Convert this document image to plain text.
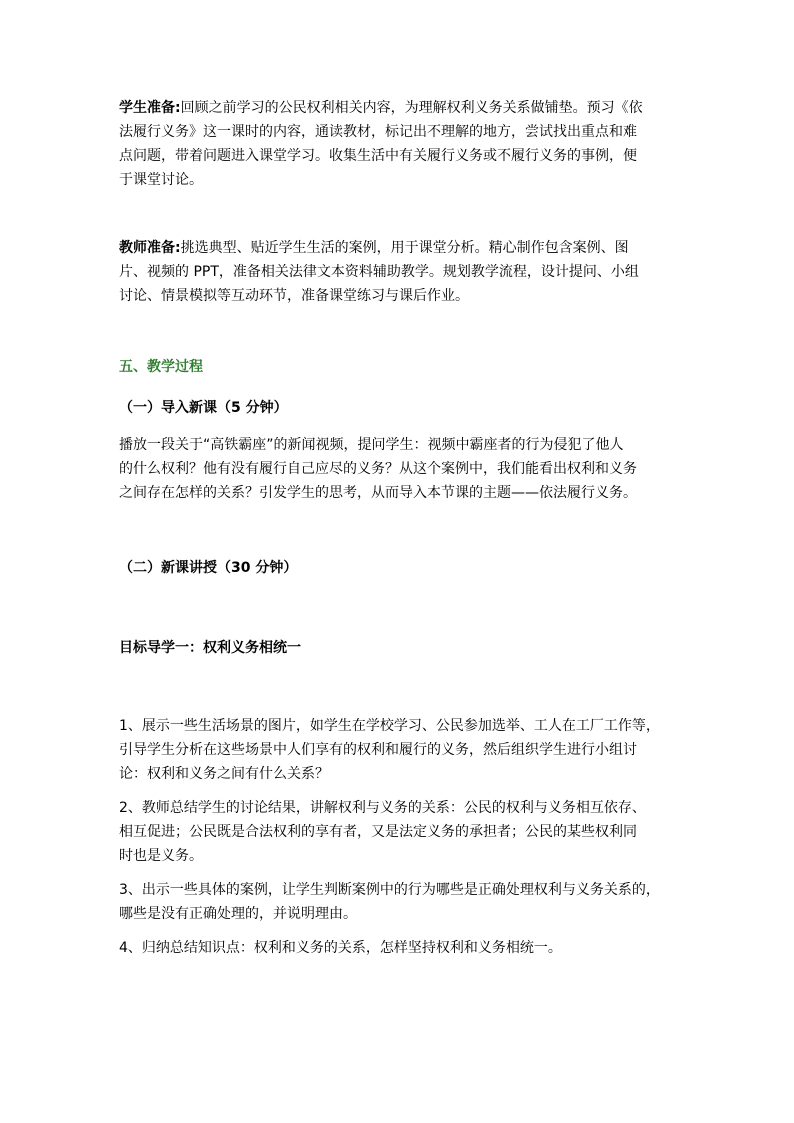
学生准备:回顾之前学习的公民权利相关内容，为理解权利义务关系做铺垫。预习《依
法履行义务》这一课时的内容，通读教材，标记出不理解的地方，尝试找出重点和难
点问题，带着问题进入课堂学习。收集生活中有关履行义务或不履行义务的事例，便
于课堂讨论。
教师准备:挑选典型、贴近学生生活的案例，用于课堂分析。精心制作包含案例、图
片、视频的 PPT，准备相关法律文本资料辅助教学。规划教学流程，设计提问、小组
讨论、情景模拟等互动环节，准备课堂练习与课后作业。
五、教学过程
（一）导入新课（5 分钟）
播放一段关于“高铁霸座”的新闻视频，提问学生：视频中霸座者的行为侵犯了他人
的什么权利？他有没有履行自己应尽的义务？从这个案例中，我们能看出权利和义务
之间存在怎样的关系？引发学生的思考，从而导入本节课的主题——依法履行义务。
（二）新课讲授（30 分钟）
目标导学一：权利义务相统一
1、展示一些生活场景的图片，如学生在学校学习、公民参加选举、工人在工厂工作等，
引导学生分析在这些场景中人们享有的权利和履行的义务，然后组织学生进行小组讨
论：权利和义务之间有什么关系？
2、教师总结学生的讨论结果，讲解权利与义务的关系：公民的权利与义务相互依存、
相互促进；公民既是合法权利的享有者，又是法定义务的承担者；公民的某些权利同
时也是义务。
3、出示一些具体的案例，让学生判断案例中的行为哪些是正确处理权利与义务关系的，
哪些是没有正确处理的，并说明理由。
4、归纳总结知识点：权利和义务的关系，怎样坚持权利和义务相统一。
